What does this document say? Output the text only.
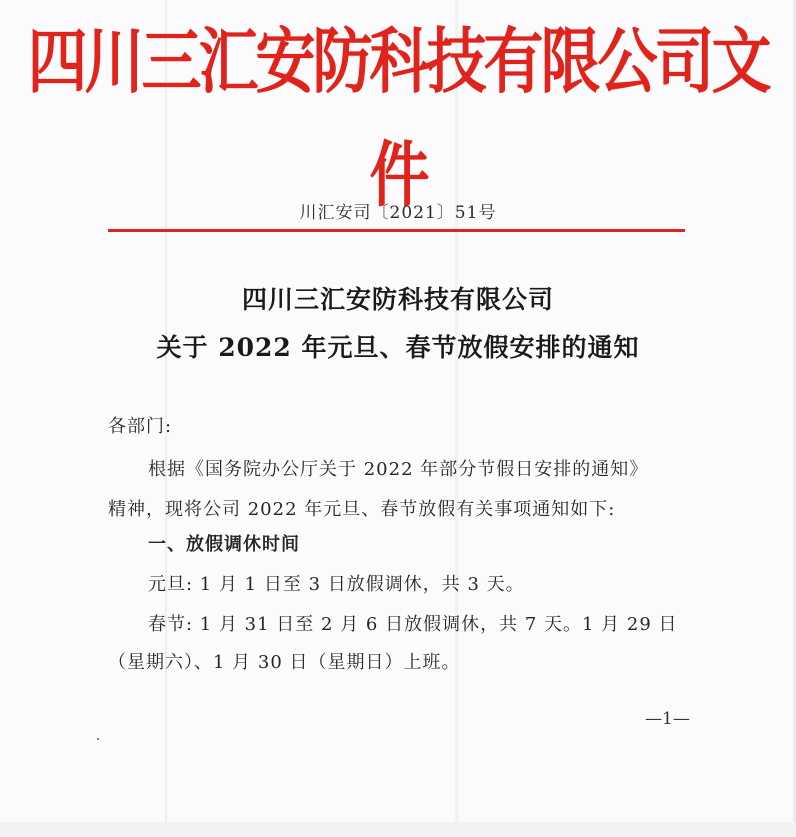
四川三汇安防科技有限公司文件
川汇安司〔2021〕51号
四川三汇安防科技有限公司
关于 2022 年元旦、春节放假安排的通知
各部门:
根据《国务院办公厅关于 2022 年部分节假日安排的通知》
精神，现将公司 2022 年元旦、春节放假有关事项通知如下:
一、放假调休时间
元旦: 1 月 1 日至 3 日放假调休，共 3 天。
春节: 1 月 31 日至 2 月 6 日放假调休，共 7 天。1 月 29 日
（星期六）、1 月 30 日（星期日）上班。
—1—
